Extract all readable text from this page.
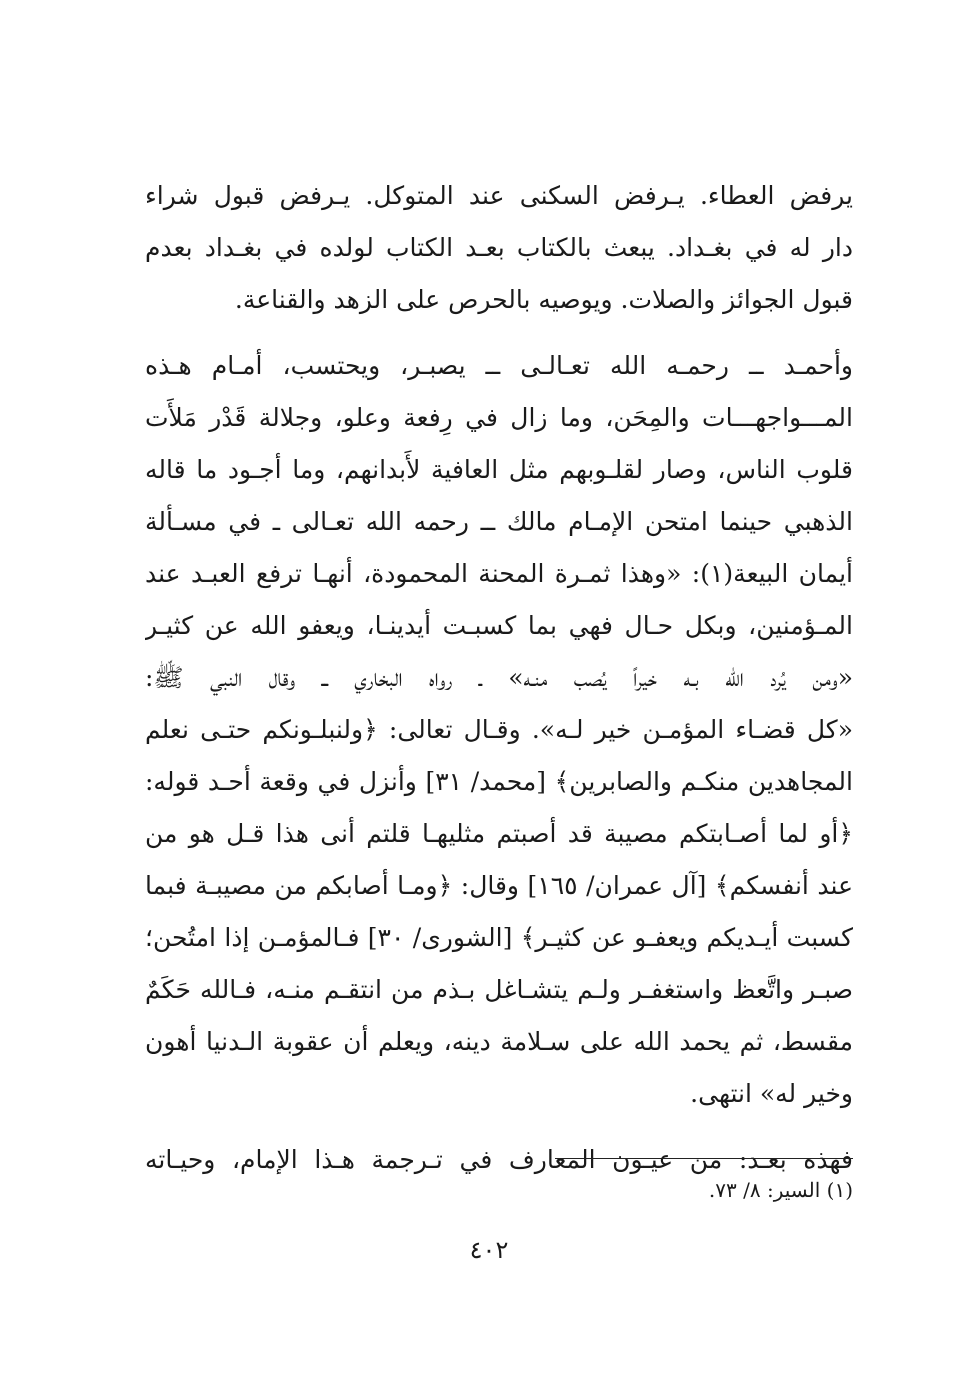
يرفض العطاء. يـرفض السكنى عند المتوكل. يـرفض قبول شراء
دار له في بغـداد. يبعث بالكتاب بعـد الكتاب لولده في بغـداد بعدم
قبول الجوائز والصلات. ويوصيه بالحرص على الزهد والقناعة.
وأحمـد ــ رحمـه الله تعـالـى ــ يصبـر، ويحتسب، أمـام هـذه
المـــواجهـــات والمِحَن، وما زال في رِفعة وعلو، وجلالة قَدْر مَلأَت
قلوب الناس، وصار لقلـوبهم مثل العافية لأَبدانهم، وما أجـود ما قاله
الذهبي حينما امتحن الإمـام مالك ــ رحمه الله تعـالى ـ في مسـألة
أيمان البيعة(١): «وهذا ثمـرة المحنة المحمودة، أنهـا ترفع العبـد عند
المـؤمنين، وبكل حـال فهي بما كسبـت أيدينـا، ويعفو الله عن كثيـر
«ومن يُرد الله بـه خيراً يُصب منـه» ـ رواه البخاري ــ وقال النبي ﷺ:
«كل قضـاء المؤمـن خير لـه». وقـال تعالى: ﴿ولنبلـونكم حتـى نعلم
المجاهدين منكـم والصابرين﴾ [محمد/ ٣١] وأنزل في وقعة أحـد قوله:
﴿أو لما أصـابتكم مصيبة قد أصبتم مثليهـا قلتم أنى هذا قـل هو من
عند أنفسكم﴾ [آل عمران/ ١٦٥] وقال: ﴿ومـا أصابكم من مصيبـة فبما
كسبت أيـديكم ويعفـو عن كثيـر﴾ [الشورى/ ٣٠] فـالمؤمـن إذا امتُحن؛
صبـر واتَّعظ واستغفـر ولـم يتشـاغل بـذم من انتقـم منـه، فـالله حَكَمٌ
مقسط، ثم يحمد الله على سـلامة دينه، ويعلم أن عقوبة الـدنيا أهون
وخير له» انتهى.
فهذه بعـد: من عيـون المعارف في تـرجمة هـذا الإمام، وحيـاته
(١) السير: ٨/ ٧٣.
٤٠٢
